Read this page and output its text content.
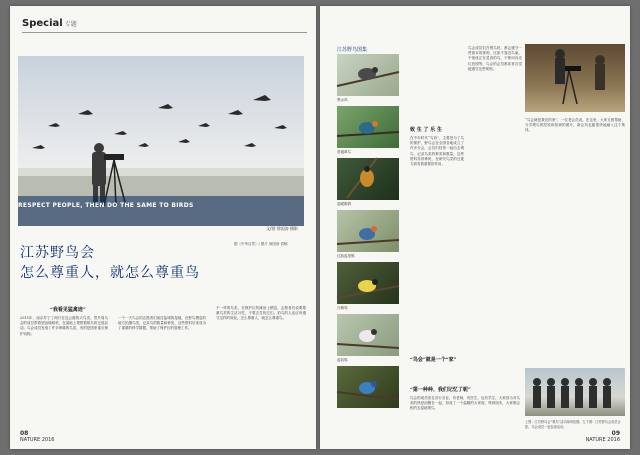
Special 专题
文/图 徐国涛 摄影
RESPECT PEOPLE, THEN DO THE SAME TO BIRDS
江苏野鸟会
怎么尊重人，就怎么尊重鸟
据《中华自然》/ 图片 徐国涛 供稿
“我看见猛禽迹”
2015年，南京苏宁了两只在连云港的大鸟类。然外周鸟会的成员带着望远镜相机，在湿地上观察着候鸟的迁徙活动。鸟会成员发现了许多珍稀的鸟类，有的是国家重点保护动物。
一个一天鸟会的志愿者们前往盐城的湿地，在野鸟栖息的地方拍摄鸟类，记录鸟的数量和种类，这些资料后来成为了重要的科学数据，帮助了保护区的管理工作。
不一样的鸟类，在保护区的滩涂上栖息，志愿者们说要尊重鸟类的生活习性，不要去打扰它们。拍鸟的人也应该遵守这样的规矩，怎么尊重人，就怎么尊重鸟。
08
NATURE 2016
江苏野鸟图集
黑水鸡
普通翠鸟
蓝喉歌鸲
红胁蓝尾鸲
白鹡鸰
蓝矶鸫
致 生 了 乐 生
在中年时代“鸟协”，主要是为了鸟的保护，野鸟会在全国各地成立了许多分会，会员们经常一起出去观鸟，记录鸟类的种类和数量，这些资料非常珍贵，在研究鸟类的迁徙方面有着重要的作用。
鸟会成员们在观鸟时，都会遵守一些基本的规则，比如不靠近鸟巢，不惊扰正在觅食的鸟，不使用闪光灯拍照等，鸟会的会员都非常自觉地遵守这些规则。
“鸟会”就是一个“家”
“第一种种、我们记忆了呢”
鸟会的成员来自各行各业，有老师，有医生，也有学生。大家因为对鸟类的热爱而聚在一起，形成了一个温暖的大家庭，每到周末，大家都会相约去湿地观鸟。
“鸟会就是我们的家”，一位老会员说。在这里，大家互相帮助，分享观鸟的经验和拍到的照片，新会员也能很快地融入这个集体。
上图：江苏野鸟会“观鸟”活动现场拍摄。左下图：江苏野鸟会成员合影，鸟会成员一起参加活动。
09
NATURE 2016
